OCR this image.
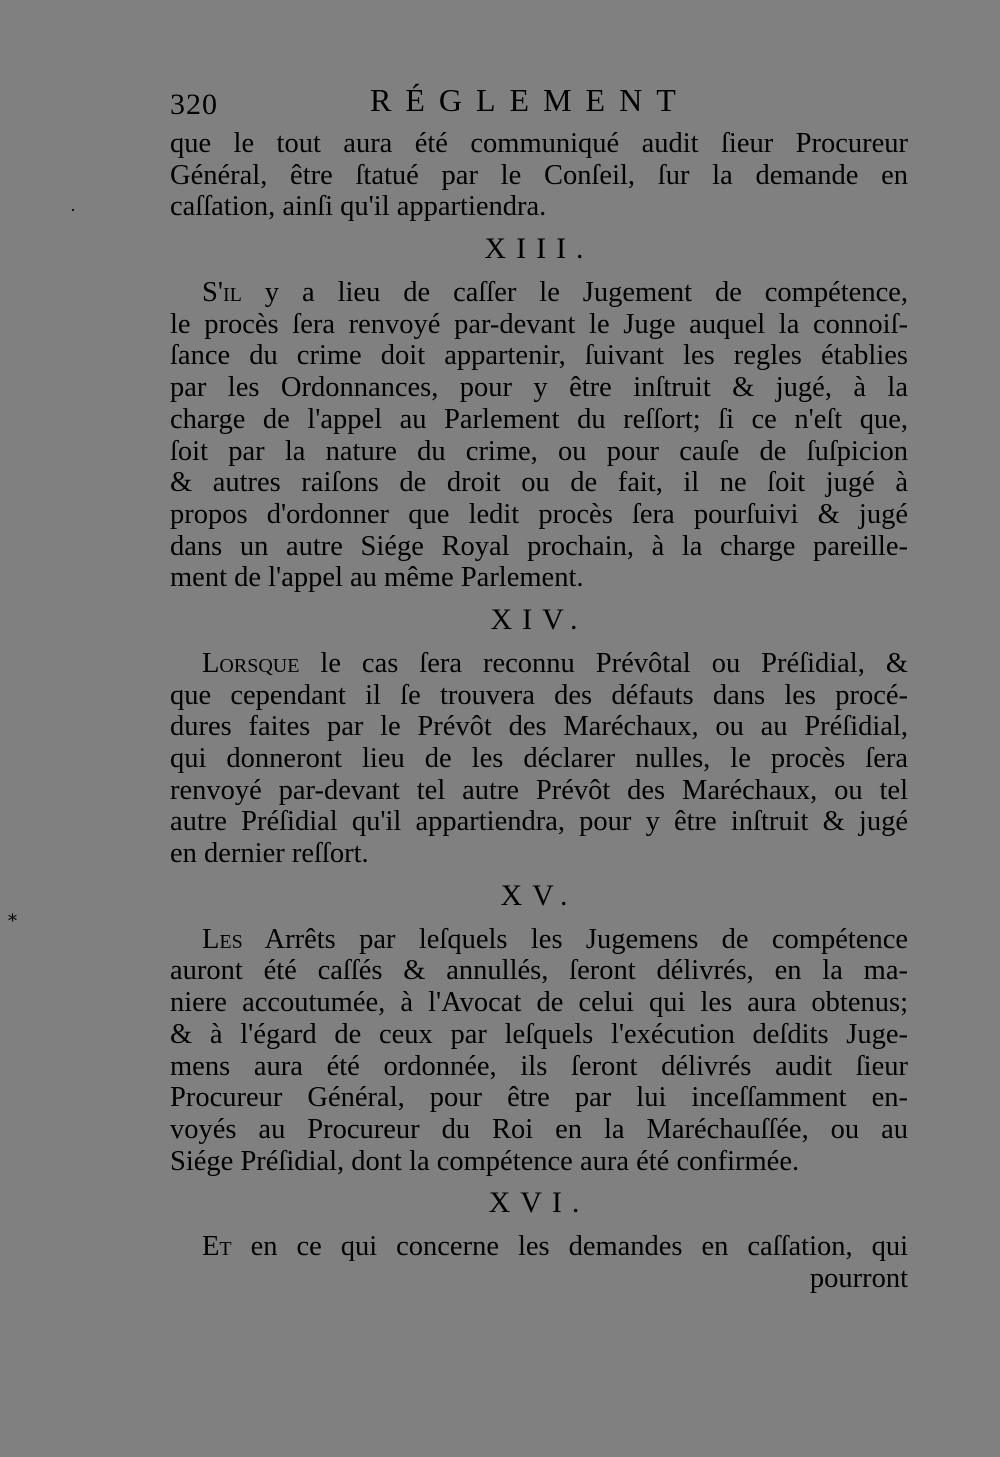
320	RÉGLEMENT
que le tout aura été communiqué audit ſieur Procureur
Général, être ſtatué par le Conſeil, ſur la demande en
caſſation, ainſi qu'il appartiendra.
XIII.
S'il y a lieu de caſſer le Jugement de compétence,
le procès ſera renvoyé par-devant le Juge auquel la connoiſ-
ſance du crime doit appartenir, ſuivant les regles établies
par les Ordonnances, pour y être inſtruit & jugé, à la
charge de l'appel au Parlement du reſſort; ſi ce n'eſt que,
ſoit par la nature du crime, ou pour cauſe de ſuſpicion
& autres raiſons de droit ou de fait, il ne ſoit jugé à
propos d'ordonner que ledit procès ſera pourſuivi & jugé
dans un autre Siége Royal prochain, à la charge pareille-
ment de l'appel au même Parlement.
XIV.
Lorsque le cas ſera reconnu Prévôtal ou Préſidial, &
que cependant il ſe trouvera des défauts dans les procé-
dures faites par le Prévôt des Maréchaux, ou au Préſidial,
qui donneront lieu de les déclarer nulles, le procès ſera
renvoyé par-devant tel autre Prévôt des Maréchaux, ou tel
autre Préſidial qu'il appartiendra, pour y être inſtruit & jugé
en dernier reſſort.
XV.
Les Arrêts par leſquels les Jugemens de compétence
auront été caſſés & annullés, ſeront délivrés, en la ma-
niere accoutumée, à l'Avocat de celui qui les aura obtenus;
& à l'égard de ceux par leſquels l'exécution deſdits Juge-
mens aura été ordonnée, ils ſeront délivrés audit ſieur
Procureur Général, pour être par lui inceſſamment en-
voyés au Procureur du Roi en la Maréchauſſée, ou au
Siége Préſidial, dont la compétence aura été confirmée.
XVI.
Et en ce qui concerne les demandes en caſſation, qui
pourront
·
⁎
